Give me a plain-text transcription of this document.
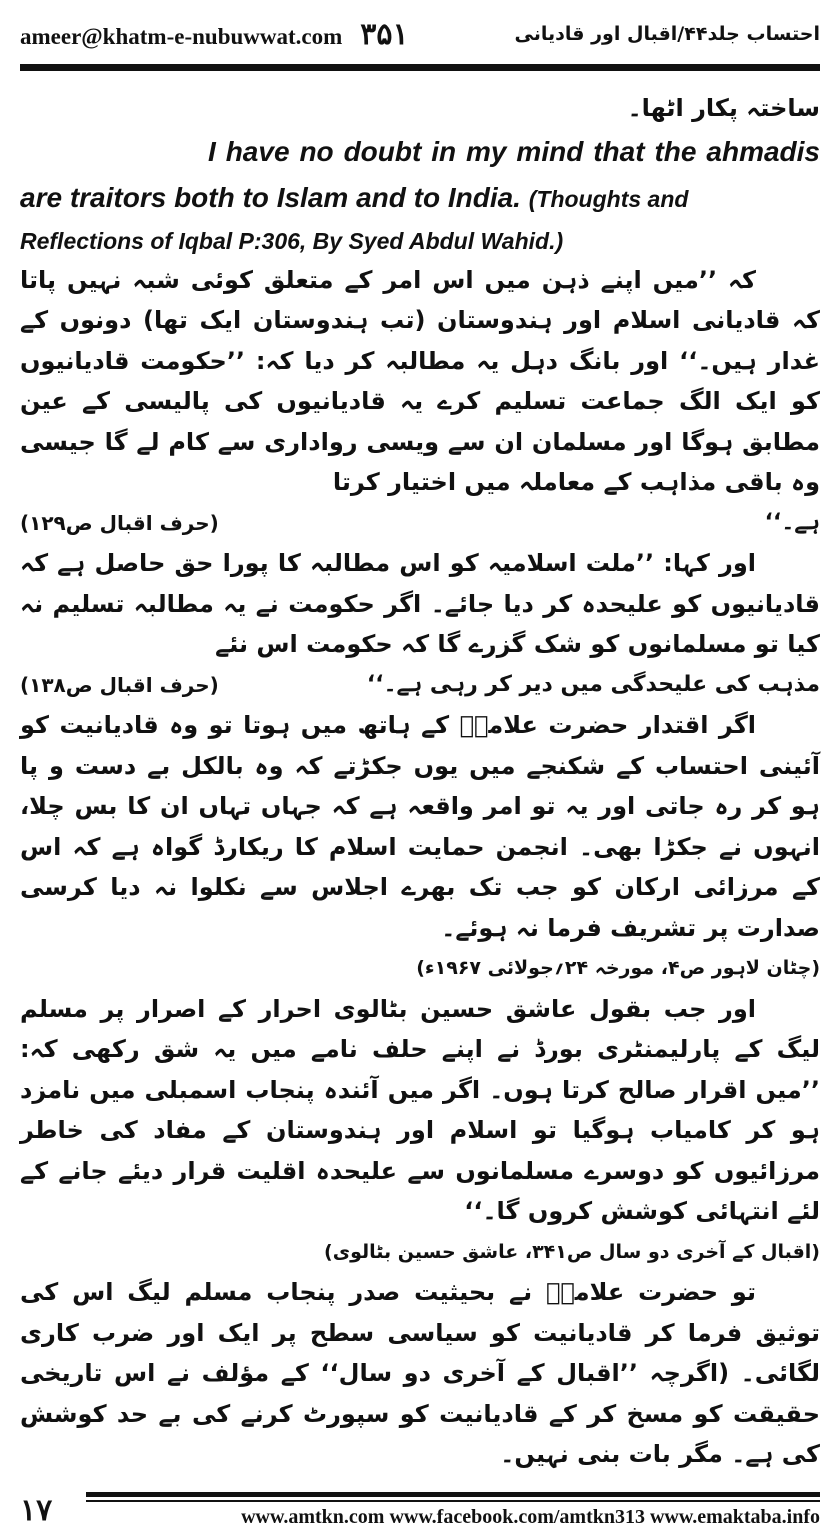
ameer@khatm-e-nubuwwat.com ۳۵۱	احتساب جلد۴۴/اقبال اور قادیانی

ساختہ پکار اٹھا۔

I have no doubt in my mind that the ahmadis are traitors both to Islam and to India. (Thoughts and

Reflections of Iqbal P:306, By Syed Abdul Wahid.)

کہ ’’میں اپنے ذہن میں اس امر کے متعلق کوئی شبہ نہیں پاتا کہ قادیانی اسلام اور ہندوستان (تب ہندوستان ایک تھا) دونوں کے غدار ہیں۔‘‘ اور بانگ دہل یہ مطالبہ کر دیا کہ: ’’حکومت قادیانیوں کو ایک الگ جماعت تسلیم کرے یہ قادیانیوں کی پالیسی کے عین مطابق ہوگا اور مسلمان ان سے ویسی رواداری سے کام لے گا جیسی وہ باقی مذاہب کے معاملہ میں اختیار کرتا

ہے۔‘‘
(حرف اقبال ص۱۲۹)

اور کہا: ’’ملت اسلامیہ کو اس مطالبہ کا پورا حق حاصل ہے کہ قادیانیوں کو علیحدہ کر دیا جائے۔ اگر حکومت نے یہ مطالبہ تسلیم نہ کیا تو مسلمانوں کو شک گزرے گا کہ حکومت اس نئے

مذہب کی علیحدگی میں دیر کر رہی ہے۔‘‘
(حرف اقبال ص۱۳۸)

اگر اقتدار حضرت علامہؒ کے ہاتھ میں ہوتا تو وہ قادیانیت کو آئینی احتساب کے شکنجے میں یوں جکڑتے کہ وہ بالکل بے دست و پا ہو کر رہ جاتی اور یہ تو امر واقعہ ہے کہ جہاں تہاں ان کا بس چلا، انہوں نے جکڑا بھی۔ انجمن حمایت اسلام کا ریکارڈ گواہ ہے کہ اس کے مرزائی ارکان کو جب تک بھرے اجلاس سے نکلوا نہ دیا کرسی صدارت پر تشریف فرما نہ ہوئے۔

(چٹان لاہور ص۴، مورخہ ۲۴؍جولائی ۱۹۶۷ء)

اور جب بقول عاشق حسین بٹالوی احرار کے اصرار پر مسلم لیگ کے پارلیمنٹری بورڈ نے اپنے حلف نامے میں یہ شق رکھی کہ: ’’میں اقرار صالح کرتا ہوں۔ اگر میں آئندہ پنجاب اسمبلی میں نامزد ہو کر کامیاب ہوگیا تو اسلام اور ہندوستان کے مفاد کی خاطر مرزائیوں کو دوسرے مسلمانوں سے علیحدہ اقلیت قرار دیئے جانے کے لئے انتہائی کوشش کروں گا۔‘‘

(اقبال کے آخری دو سال ص۳۴۱، عاشق حسین بٹالوی)

تو حضرت علامہؒ نے بحیثیت صدر پنجاب مسلم لیگ اس کی توثیق فرما کر قادیانیت کو سیاسی سطح پر ایک اور ضرب کاری لگائی۔ (اگرچہ ’’اقبال کے آخری دو سال‘‘ کے مؤلف نے اس تاریخی حقیقت کو مسخ کر کے قادیانیت کو سپورٹ کرنے کی بے حد کوشش کی ہے۔ مگر بات بنی نہیں۔

۱۷	www.amtkn.com www.facebook.com/amtkn313 www.emaktaba.info
